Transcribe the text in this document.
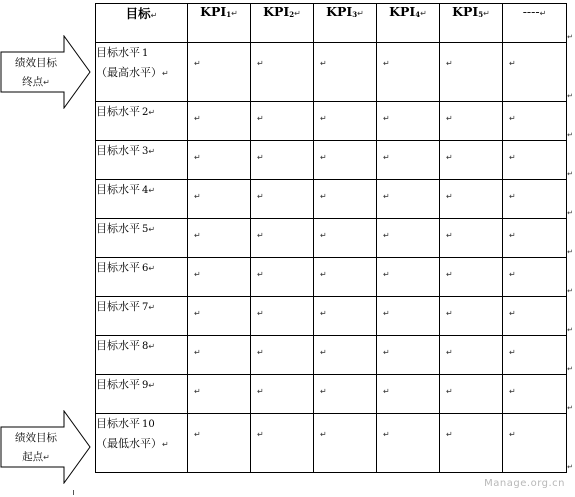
绩效目标
终点↵
绩效目标
起点↵
目标↵	$KPI_1↵$	$KPI_2↵$	$KPI_3↵$	$KPI_4↵$	$KPI_5↵$	----↵

目标水平 1
（最高水平）↵	↵	↵	↵	↵	↵	↵

目标水平 2↵	↵	↵	↵	↵	↵	↵

目标水平 3↵	↵	↵	↵	↵	↵	↵

目标水平 4↵	↵	↵	↵	↵	↵	↵

目标水平 5↵	↵	↵	↵	↵	↵	↵

目标水平 6↵	↵	↵	↵	↵	↵	↵

目标水平 7↵	↵	↵	↵	↵	↵	↵

目标水平 8↵	↵	↵	↵	↵	↵	↵

目标水平 9↵	↵	↵	↵	↵	↵	↵

目标水平 10
（最低水平）↵	↵	↵	↵	↵	↵	↵
↵
↵
↵
↵
↵
↵
↵
↵
↵
↵
↵
Manage.org.cn
